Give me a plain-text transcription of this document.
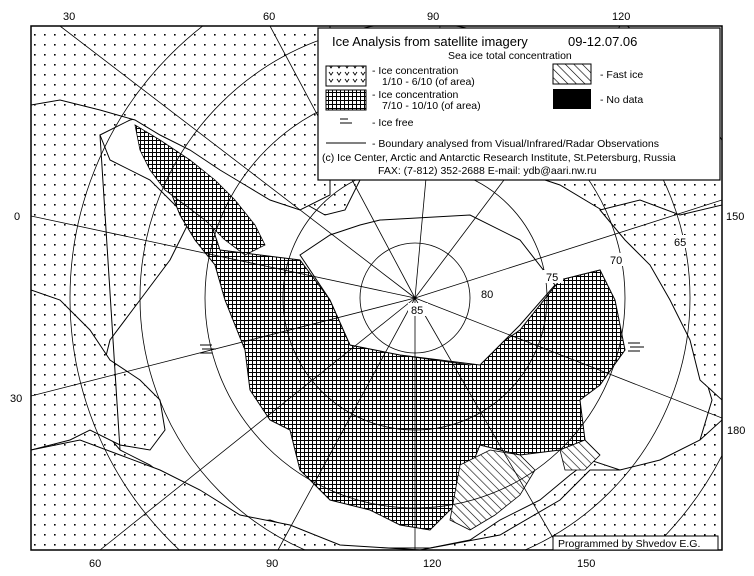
30	60	90	120
0
30
150
180
60	90	120	150
85
80
75
70
65
Ice Analysis from satellite imagery	09-12.07.06
Sea ice total concentration
- Ice concentration
1/10 - 6/10 (of area)
- Ice concentration
7/10 - 10/10 (of area)
- Ice free
- Fast ice
- No data
- Boundary analysed from Visual/Infrared/Radar Observations
(c) Ice Center, Arctic and Antarctic Research Institute, St.Petersburg, Russia
FAX: (7-812) 352-2688 E-mail: ydb@aari.nw.ru
Programmed by Shvedov E.G.
